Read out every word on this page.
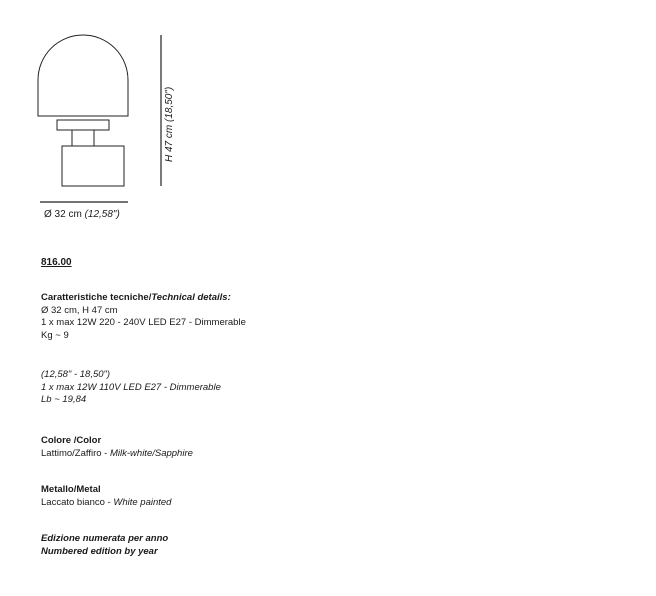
H 47 cm (18,50")
Ø 32 cm (12,58")
816.00
Caratteristiche tecniche/Technical details:
Ø 32 cm, H 47 cm
1 x max 12W 220 - 240V LED E27 - Dimmerable
Kg ~ 9
(12,58" - 18,50")
1 x max 12W 110V LED E27 - Dimmerable
Lb ~ 19,84
Colore /Color
Lattimo/Zaffiro - Milk-white/Sapphire
Metallo/Metal
Laccato bianco - White painted
Edizione numerata per anno
Numbered edition by year
